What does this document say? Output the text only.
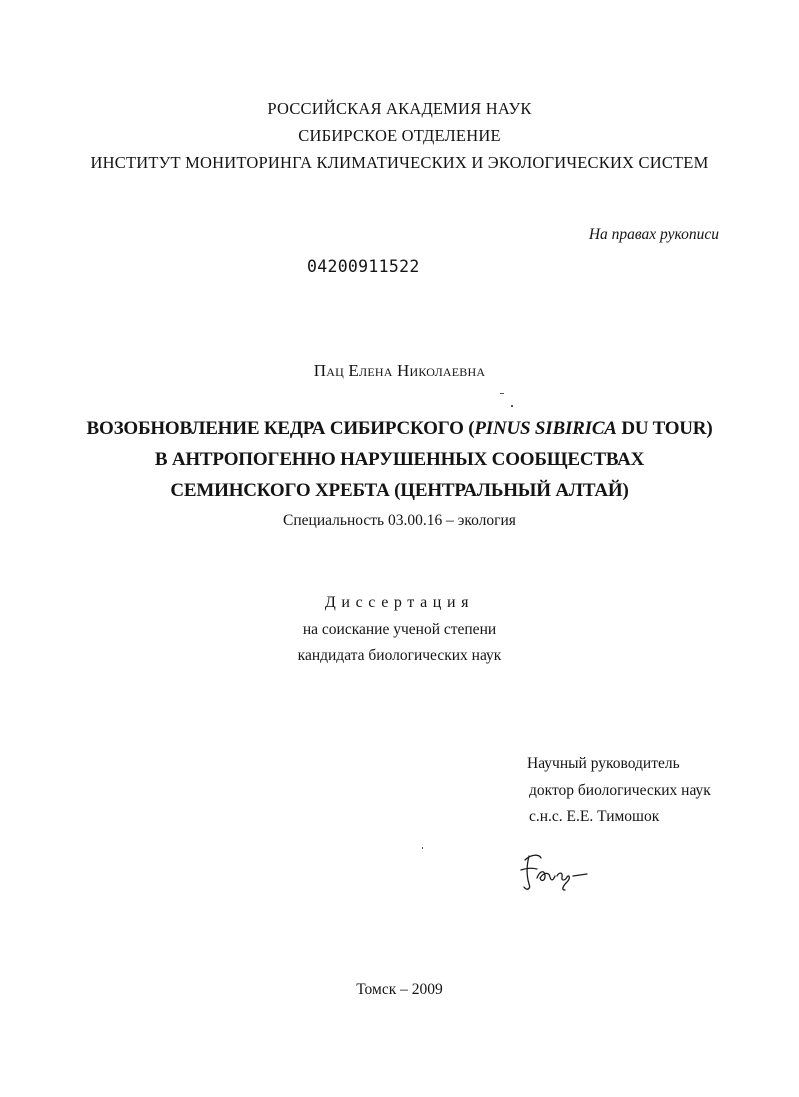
РОССИЙСКАЯ АКАДЕМИЯ НАУК
СИБИРСКОЕ ОТДЕЛЕНИЕ
ИНСТИТУТ МОНИТОРИНГА КЛИМАТИЧЕСКИХ И ЭКОЛОГИЧЕСКИХ СИСТЕМ
На правах рукописи
04200911522
Пац Елена Николаевна
ВОЗОБНОВЛЕНИЕ КЕДРА СИБИРСКОГО (PINUS SIBIRICA DU TOUR)
В АНТРОПОГЕННО НАРУШЕННЫХ СООБЩЕСТВАХ
СЕМИНСКОГО ХРЕБТА (ЦЕНТРАЛЬНЫЙ АЛТАЙ)
Специальность 03.00.16 – экология
Диссертация
на соискание ученой степени
кандидата биологических наук
Научный руководитель
доктор биологических наук
с.н.с. Е.Е. Тимошок
Томск – 2009
